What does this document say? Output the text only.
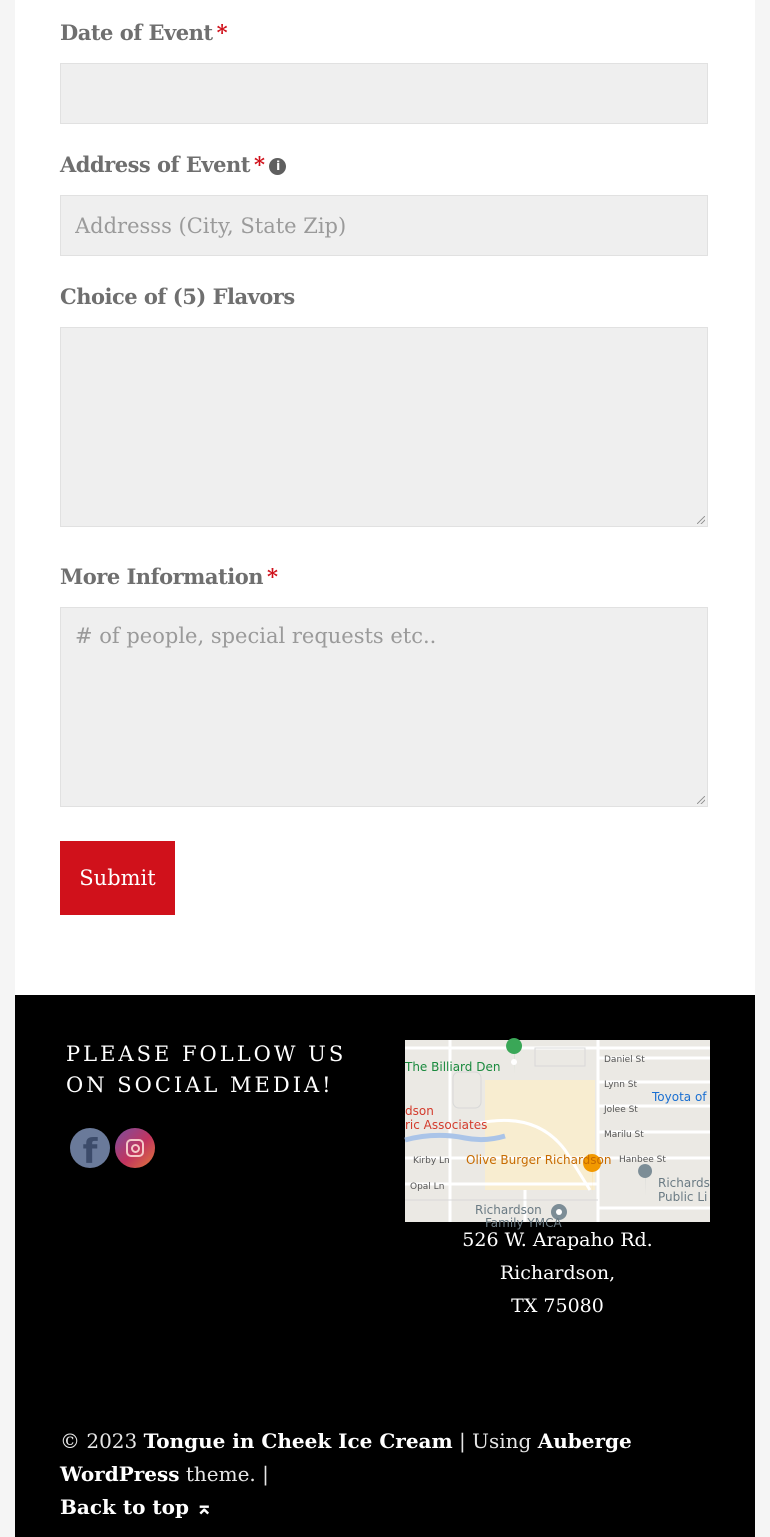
Date of Event *
Address of Event * i
Addresss (City, State Zip)
Choice of (5) Flavors
More Information *
# of people, special requests etc..
Submit
PLEASE FOLLOW US ON SOCIAL MEDIA!
f
The Billiard Den
dson
ric Associates
Olive Burger Richardson
Toyota of
Richards
Public Li
Richardson
Family YMCA
Daniel St
Lynn St
Jolee St
Marilu St
Hanbee St
Kirby Ln
Opal Ln
526 W. Arapaho Rd. Richardson,
TX 75080
© 2023 Tongue in Cheek Ice Cream | Using Auberge WordPress theme. |
Back to top ⌅
